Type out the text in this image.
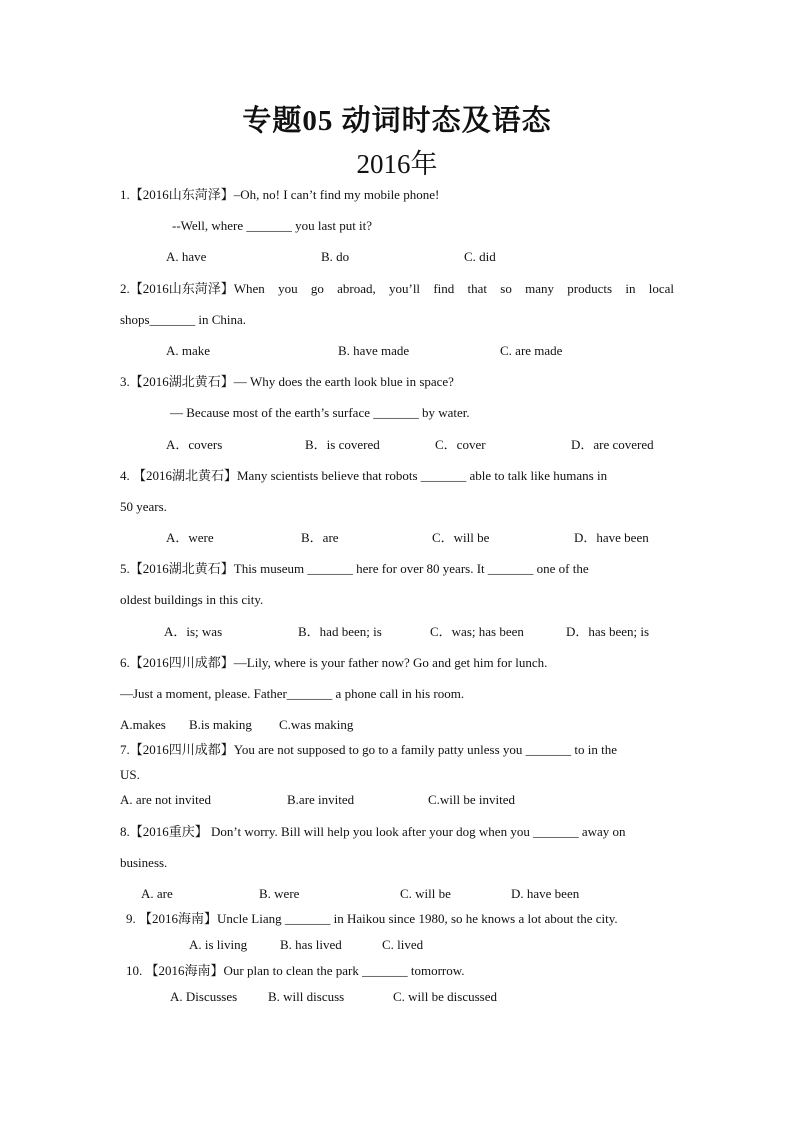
专题05 动词时态及语态
2016年
1.【2016山东菏泽】–Oh, no! I can’t find my mobile phone!
--Well, where _______ you last put it?
A. have	B. do	C. did
2.【2016山东菏泽】When you go abroad, you’ll find that so many products in local
shops_______ in China.
A. make	B. have made	C. are made
3.【2016湖北黄石】— Why does the earth look blue in space?
— Because most of the earth’s surface _______ by water.
A．covers	B．is covered	C．cover	D．are covered
4. 【2016湖北黄石】Many scientists believe that robots _______ able to talk like humans in
50 years.
A．were	B．are	C．will be	D．have been
5.【2016湖北黄石】This museum _______ here for over 80 years. It _______ one of the
oldest buildings in this city.
A．is; was	B．had been; is	C．was; has been	D．has been; is
6.【2016四川成都】—Lily, where is your father now? Go and get him for lunch.
—Just a moment, please. Father_______ a phone call in his room.
A.makes B.is making C.was making
7.【2016四川成都】You are not supposed to go to a family patty unless you _______ to in the
US.
A. are not invited	B.are invited	C.will be invited
8.【2016重庆】 Don’t worry. Bill will help you look after your dog when you _______ away on
business.
A. are	B. were	C. will be	D. have been
9. 【2016海南】Uncle Liang _______ in Haikou since 1980, so he knows a lot about the city.
A. is living	B. has lived	C. lived
10. 【2016海南】Our plan to clean the park _______ tomorrow.
A. Discusses B. will discuss	C. will be discussed
